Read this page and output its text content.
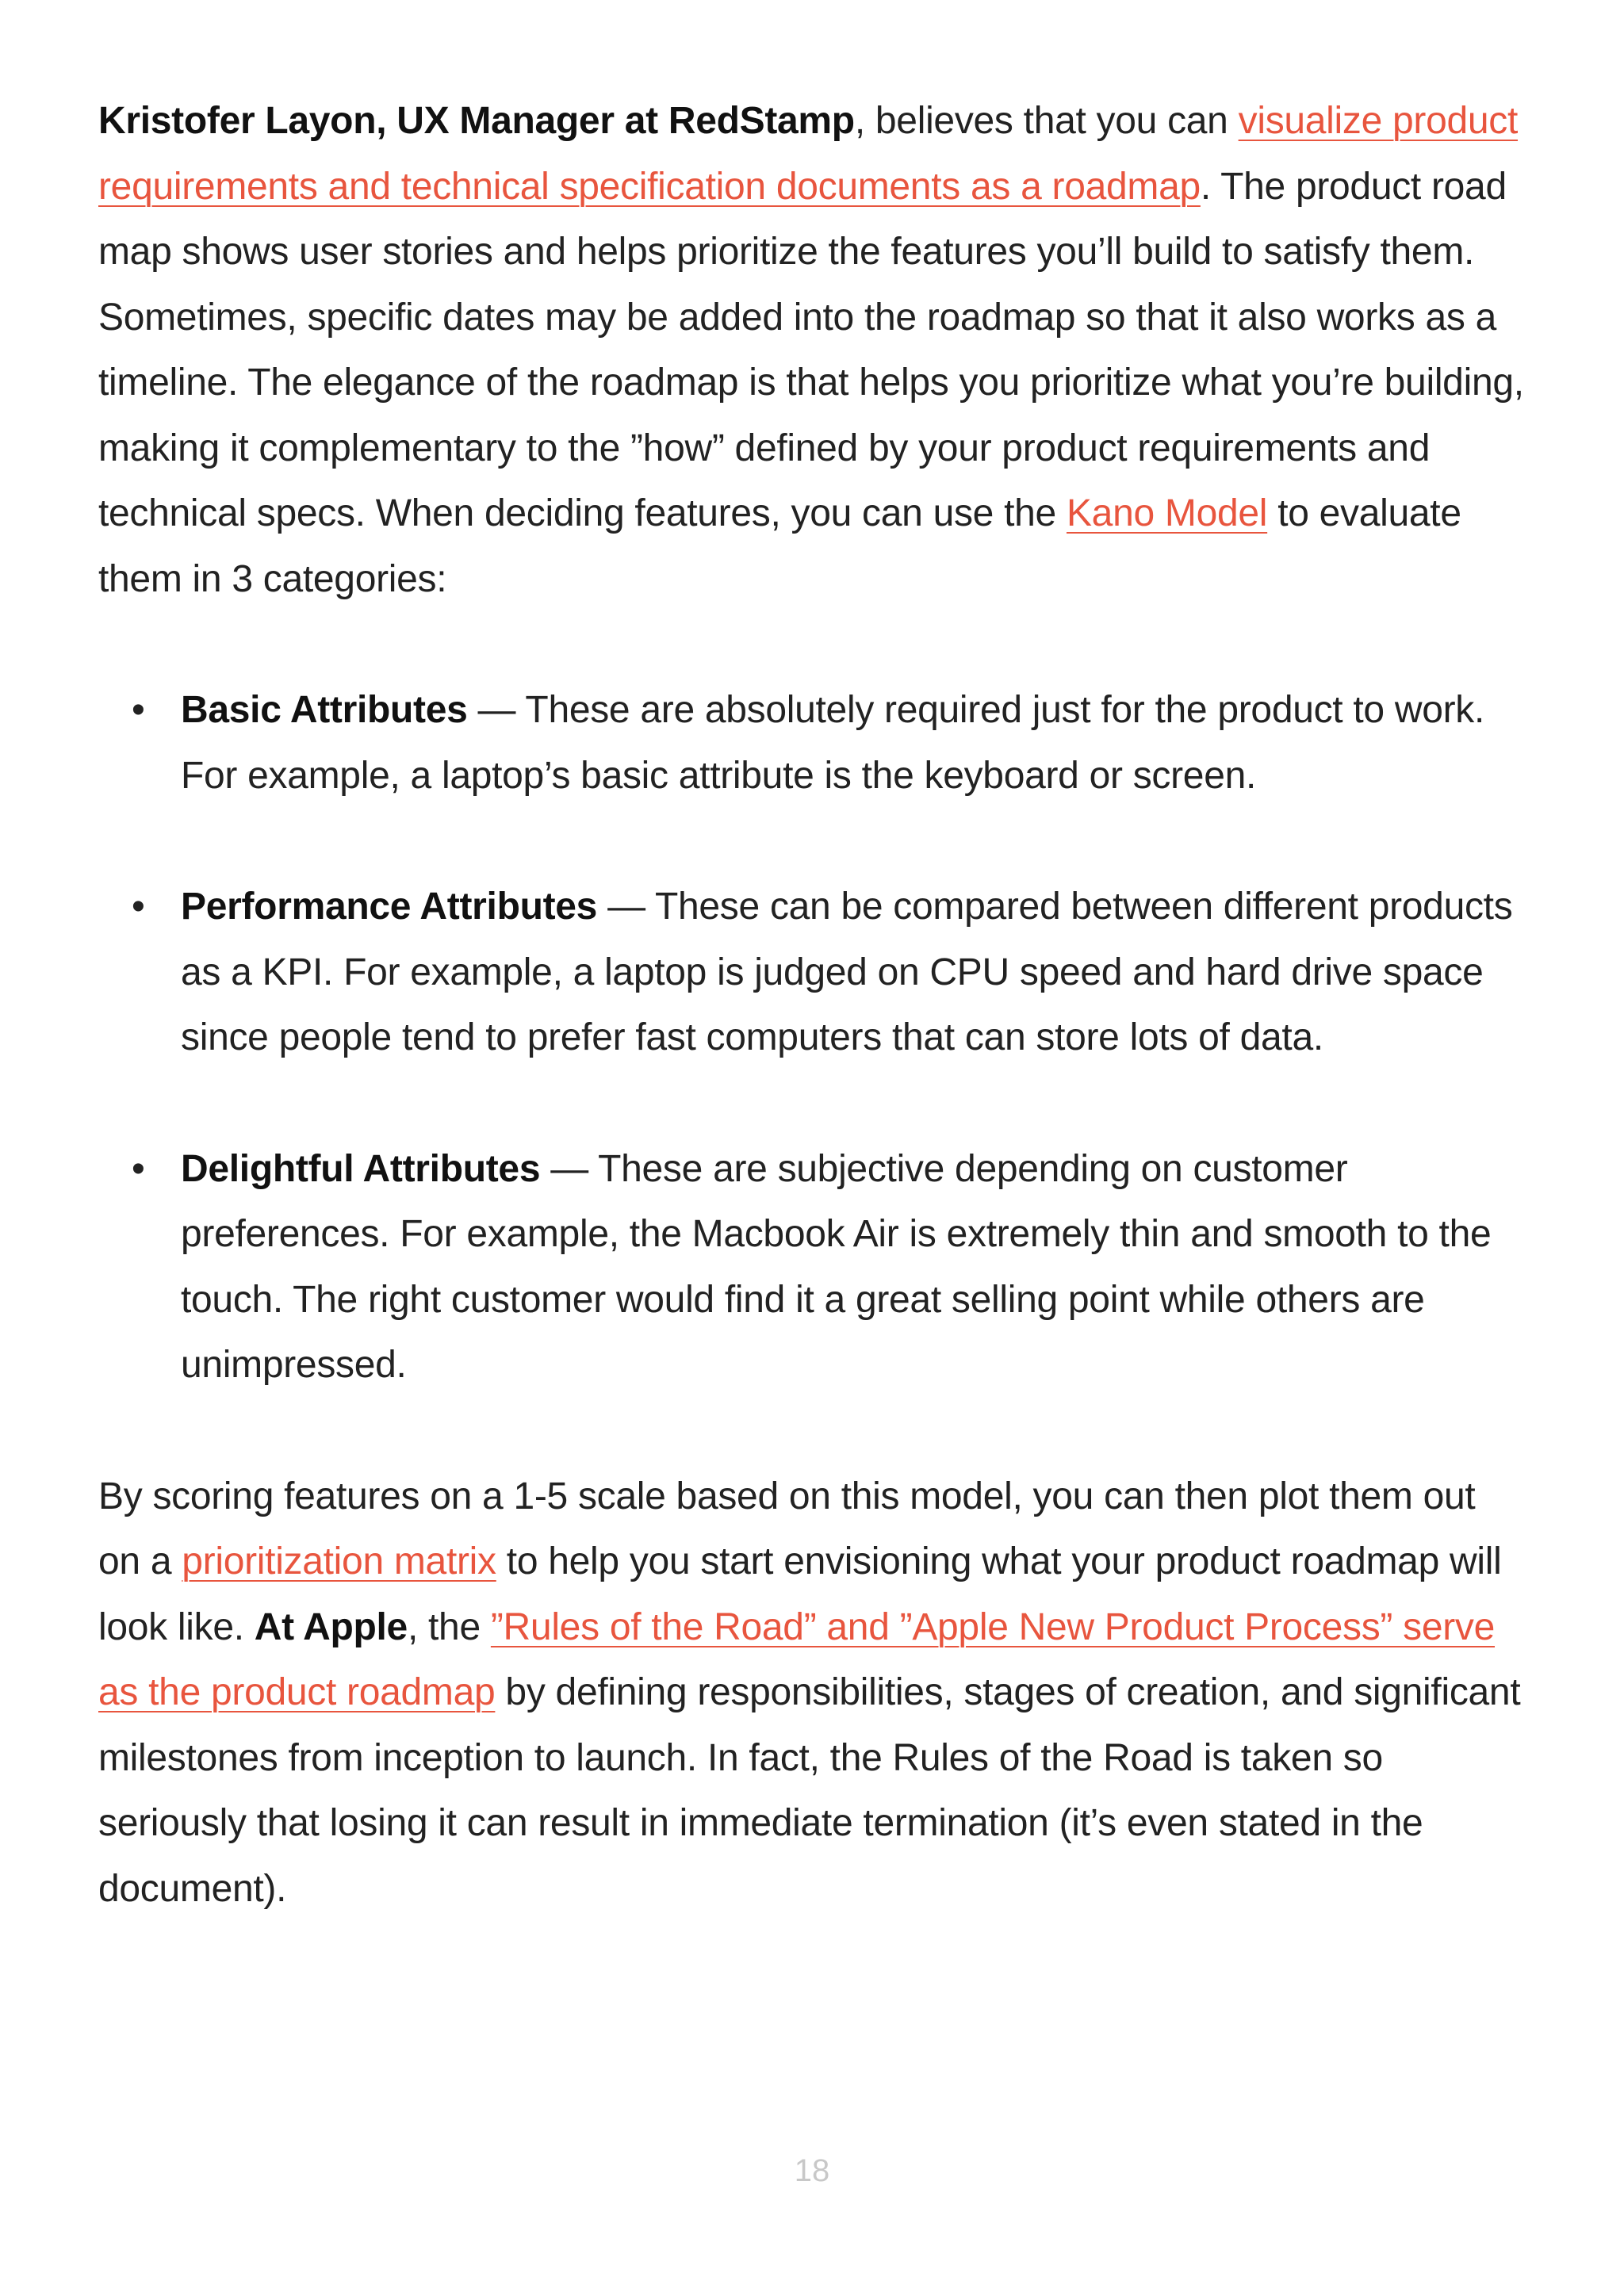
Kristofer Layon, UX Manager at RedStamp, believes that you can visualize product requirements and technical specification documents as a roadmap. The product road map shows user stories and helps prioritize the features you’ll build to satisfy them. Sometimes, specific dates may be added into the roadmap so that it also works as a timeline. The elegance of the roadmap is that helps you prioritize what you’re building, making it complementary to the ”how” defined by your product requirements and technical specs. When deciding features, you can use the Kano Model to evaluate them in 3 categories:

• Basic Attributes — These are absolutely required just for the product to work. For example, a laptop’s basic attribute is the keyboard or screen.
• Performance Attributes — These can be compared between different products as a KPI. For example, a laptop is judged on CPU speed and hard drive space since people tend to prefer fast computers that can store lots of data.
• Delightful Attributes — These are subjective depending on customer preferences. For example, the Macbook Air is extremely thin and smooth to the touch. The right customer would find it a great selling point while others are unimpressed.

By scoring features on a 1-5 scale based on this model, you can then plot them out on a prioritization matrix to help you start envisioning what your product roadmap will look like. At Apple, the ”Rules of the Road” and ”Apple New Product Process” serve as the product roadmap by defining responsibilities, stages of creation, and significant milestones from inception to launch. In fact, the Rules of the Road is taken so seriously that losing it can result in immediate termination (it’s even stated in the document).

18
